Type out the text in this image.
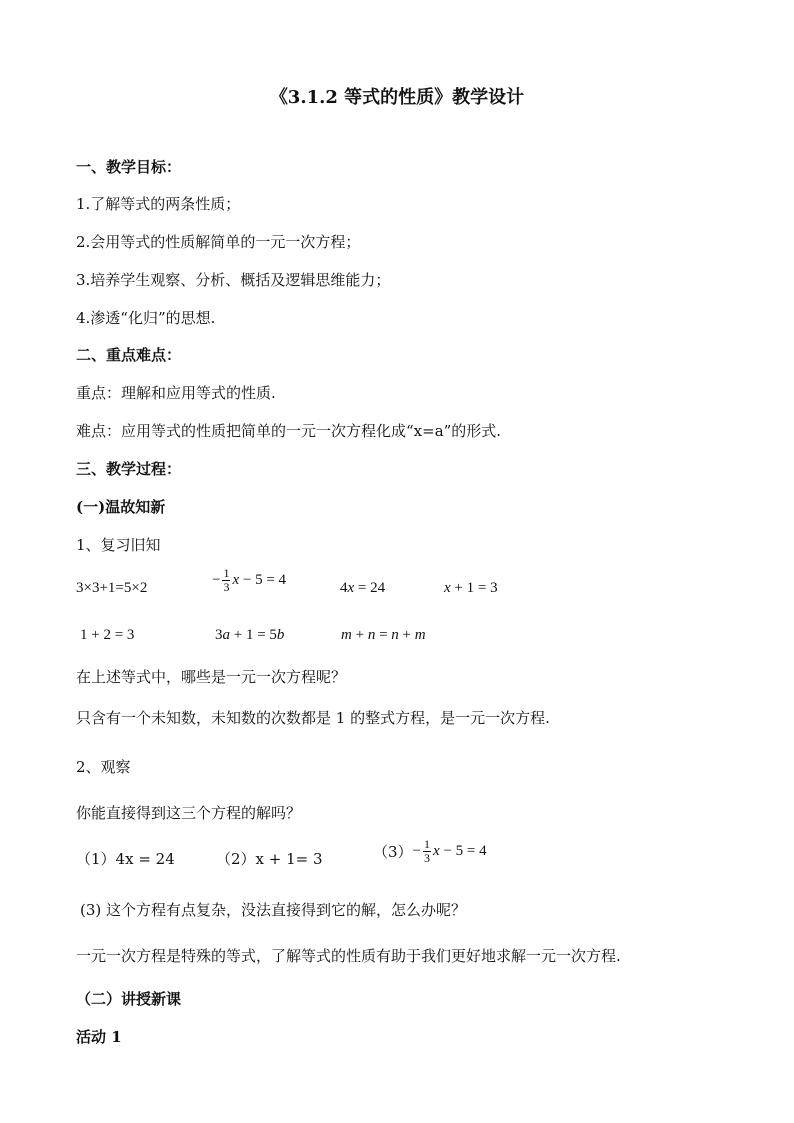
《3.1.2 等式的性质》教学设计
一、教学目标：
1.了解等式的两条性质；
2.会用等式的性质解简单的一元一次方程；
3.培养学生观察、分析、概括及逻辑思维能力；
4.渗透“化归”的思想.
二、重点难点：
重点：理解和应用等式的性质.
难点：应用等式的性质把简单的一元一次方程化成“x=a”的形式.
三、教学过程：
(一)温故知新
1、复习旧知
3×3+1=5×2
− $\frac{1}{3}$ x − 5 = 4
4x = 24	x + 1 = 3
1 + 2 = 3	3a + 1 = 5b	m + n = n + m
在上述等式中，哪些是一元一次方程呢？
只含有一个未知数，未知数的次数都是 1 的整式方程，是一元一次方程.
2、观察
你能直接得到这三个方程的解吗？
（1）4x = 24	（2）x + 1= 3	$(3)- \frac{1}{3}$ x − 5 = 4
(3) 这个方程有点复杂，没法直接得到它的解，怎么办呢？
一元一次方程是特殊的等式，了解等式的性质有助于我们更好地求解一元一次方程.
（二）讲授新课
活动 1
